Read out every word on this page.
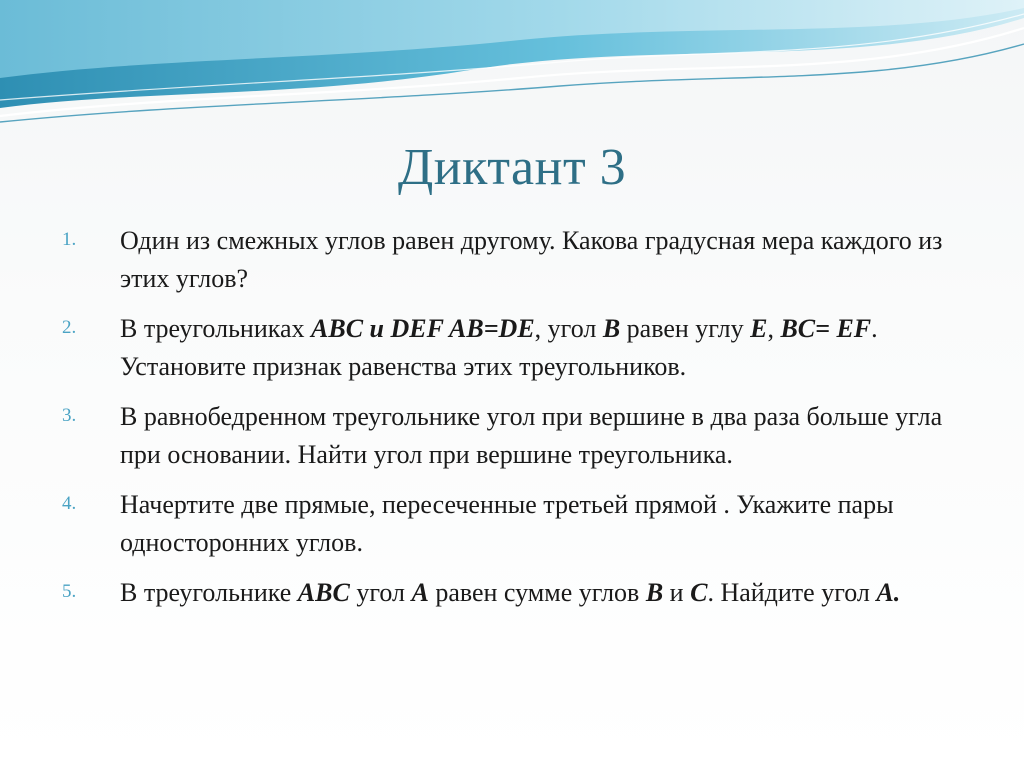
Диктант 3
1.	Один из смежных углов равен другому. Какова градусная мера каждого из этих углов?
2.	В треугольниках ABC и DEF AB=DE, угол B равен углу E, BC= EF. Установите признак равенства этих треугольников.
3.	В равнобедренном треугольнике угол при вершине в два раза больше угла при основании. Найти угол при вершине треугольника.
4.	Начертите две прямые, пересеченные третьей прямой . Укажите пары односторонних углов.
5.	В треугольнике ABC угол A равен сумме углов B и C. Найдите угол A.
